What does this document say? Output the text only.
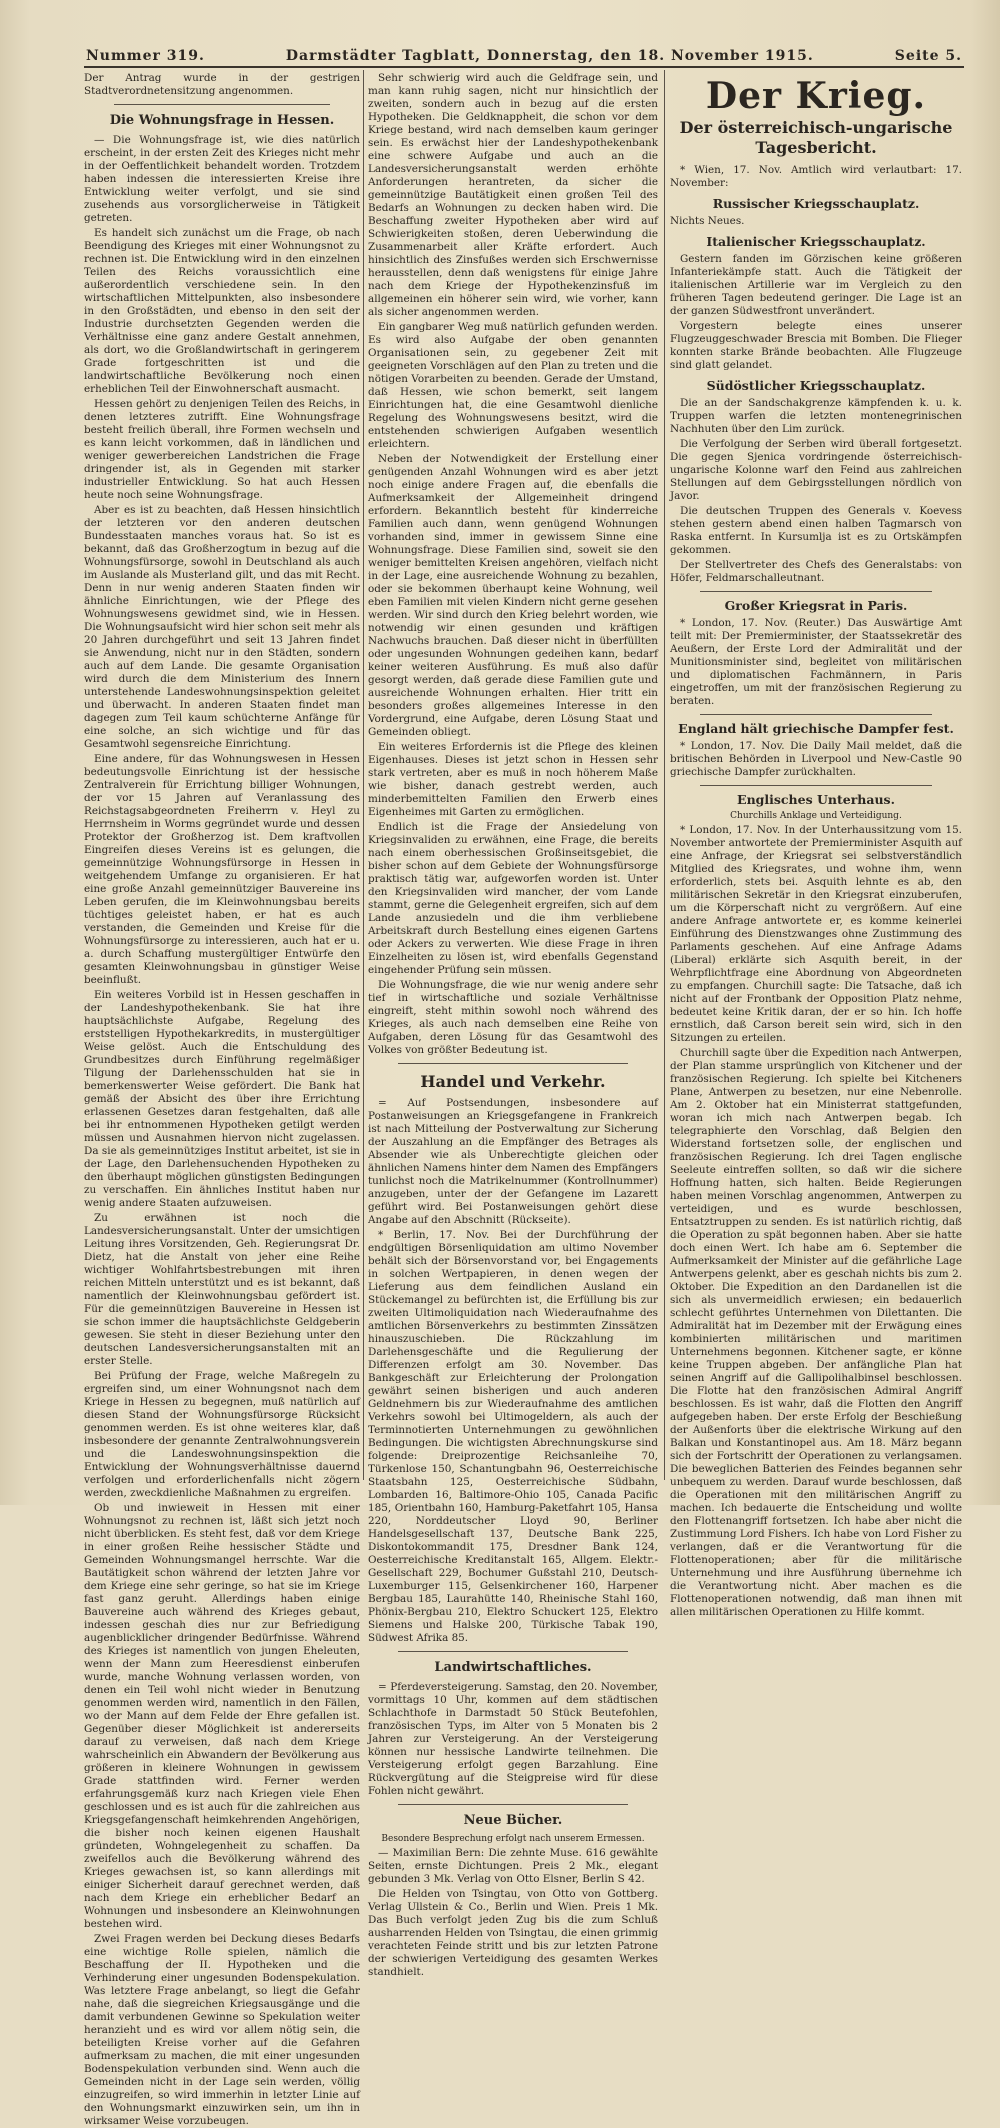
Nummer 319.	Darmstädter Tagblatt, Donnerstag, den 18. November 1915.	Seite 5.

Der Antrag wurde in der gestrigen Stadtverordnetensitzung angenommen.

Die Wohnungsfrage in Hessen.

— Die Wohnungsfrage ist, wie dies natürlich erscheint, in der ersten Zeit des Krieges nicht mehr in der Oeffentlichkeit behandelt worden. Trotzdem haben indessen die interessierten Kreise ihre Entwicklung weiter verfolgt, und sie sind zusehends aus vorsorglicherweise in Tätigkeit getreten.

Es handelt sich zunächst um die Frage, ob nach Beendigung des Krieges mit einer Wohnungsnot zu rechnen ist. Die Entwicklung wird in den einzelnen Teilen des Reichs voraussichtlich eine außerordentlich verschiedene sein. In den wirtschaftlichen Mittelpunkten, also insbesondere in den Großstädten, und ebenso in den seit der Industrie durchsetzten Gegenden werden die Verhältnisse eine ganz andere Gestalt annehmen, als dort, wo die Großlandwirtschaft in geringerem Grade fortgeschritten ist und die landwirtschaftliche Bevölkerung noch einen erheblichen Teil der Einwohnerschaft ausmacht.

Hessen gehört zu denjenigen Teilen des Reichs, in denen letzteres zutrifft. Eine Wohnungsfrage besteht freilich überall, ihre Formen wechseln und es kann leicht vorkommen, daß in ländlichen und weniger gewerbereichen Landstrichen die Frage dringender ist, als in Gegenden mit starker industrieller Entwicklung. So hat auch Hessen heute noch seine Wohnungsfrage.

Aber es ist zu beachten, daß Hessen hinsichtlich der letzteren vor den anderen deutschen Bundesstaaten manches voraus hat. So ist es bekannt, daß das Großherzogtum in bezug auf die Wohnungsfürsorge, sowohl in Deutschland als auch im Auslande als Musterland gilt, und das mit Recht. Denn in nur wenig anderen Staaten finden wir ähnliche Einrichtungen, wie der Pflege des Wohnungswesens gewidmet sind, wie in Hessen. Die Wohnungsaufsicht wird hier schon seit mehr als 20 Jahren durchgeführt und seit 13 Jahren findet sie Anwendung, nicht nur in den Städten, sondern auch auf dem Lande. Die gesamte Organisation wird durch die dem Ministerium des Innern unterstehende Landeswohnungsinspektion geleitet und überwacht. In anderen Staaten findet man dagegen zum Teil kaum schüchterne Anfänge für eine solche, an sich wichtige und für das Gesamtwohl segensreiche Einrichtung.

Eine andere, für das Wohnungswesen in Hessen bedeutungsvolle Einrichtung ist der hessische Zentralverein für Errichtung billiger Wohnungen, der vor 15 Jahren auf Veranlassung des Reichstagsabgeordneten Freiherrn v. Heyl zu Herrnsheim in Worms gegründet wurde und dessen Protektor der Großherzog ist. Dem kraftvollen Eingreifen dieses Vereins ist es gelungen, die gemeinnützige Wohnungsfürsorge in Hessen in weitgehendem Umfange zu organisieren. Er hat eine große Anzahl gemeinnütziger Bauvereine ins Leben gerufen, die im Kleinwohnungsbau bereits tüchtiges geleistet haben, er hat es auch verstanden, die Gemeinden und Kreise für die Wohnungsfürsorge zu interessieren, auch hat er u. a. durch Schaffung mustergültiger Entwürfe den gesamten Kleinwohnungsbau in günstiger Weise beeinflußt.

Ein weiteres Vorbild ist in Hessen geschaffen in der Landeshypothekenbank. Sie hat ihre hauptsächlichste Aufgabe, Regelung des erststelligen Hypothekarkredits, in mustergültiger Weise gelöst. Auch die Entschuldung des Grundbesitzes durch Einführung regelmäßiger Tilgung der Darlehensschulden hat sie in bemerkenswerter Weise gefördert. Die Bank hat gemäß der Absicht des über ihre Errichtung erlassenen Gesetzes daran festgehalten, daß alle bei ihr entnommenen Hypotheken getilgt werden müssen und Ausnahmen hiervon nicht zugelassen. Da sie als gemeinnütziges Institut arbeitet, ist sie in der Lage, den Darlehensuchenden Hypotheken zu den überhaupt möglichen günstigsten Bedingungen zu verschaffen. Ein ähnliches Institut haben nur wenig andere Staaten aufzuweisen.

Zu erwähnen ist noch die Landesversicherungsanstalt. Unter der umsichtigen Leitung ihres Vorsitzenden, Geh. Regierungsrat Dr. Dietz, hat die Anstalt von jeher eine Reihe wichtiger Wohlfahrtsbestrebungen mit ihren reichen Mitteln unterstützt und es ist bekannt, daß namentlich der Kleinwohnungsbau gefördert ist. Für die gemeinnützigen Bauvereine in Hessen ist sie schon immer die hauptsächlichste Geldgeberin gewesen. Sie steht in dieser Beziehung unter den deutschen Landesversicherungsanstalten mit an erster Stelle.

Bei Prüfung der Frage, welche Maßregeln zu ergreifen sind, um einer Wohnungsnot nach dem Kriege in Hessen zu begegnen, muß natürlich auf diesen Stand der Wohnungsfürsorge Rücksicht genommen werden. Es ist ohne weiteres klar, daß insbesondere der genannte Zentralwohnungsverein und die Landeswohnungsinspektion die Entwicklung der Wohnungsverhältnisse dauernd verfolgen und erforderlichenfalls nicht zögern werden, zweckdienliche Maßnahmen zu ergreifen.

Ob und inwieweit in Hessen mit einer Wohnungsnot zu rechnen ist, läßt sich jetzt noch nicht überblicken. Es steht fest, daß vor dem Kriege in einer großen Reihe hessischer Städte und Gemeinden Wohnungsmangel herrschte. War die Bautätigkeit schon während der letzten Jahre vor dem Kriege eine sehr geringe, so hat sie im Kriege fast ganz geruht. Allerdings haben einige Bauvereine auch während des Krieges gebaut, indessen geschah dies nur zur Befriedigung augenblicklicher dringender Bedürfnisse. Während des Krieges ist namentlich von jungen Eheleuten, wenn der Mann zum Heeresdienst einberufen wurde, manche Wohnung verlassen worden, von denen ein Teil wohl nicht wieder in Benutzung genommen werden wird, namentlich in den Fällen, wo der Mann auf dem Felde der Ehre gefallen ist. Gegenüber dieser Möglichkeit ist andererseits darauf zu verweisen, daß nach dem Kriege wahrscheinlich ein Abwandern der Bevölkerung aus größeren in kleinere Wohnungen in gewissem Grade stattfinden wird. Ferner werden erfahrungsgemäß kurz nach Kriegen viele Ehen geschlossen und es ist auch für die zahlreichen aus Kriegsgefangenschaft heimkehrenden Angehörigen, die bisher noch keinen eigenen Haushalt gründeten, Wohngelegenheit zu schaffen. Da zweifellos auch die Bevölkerung während des Krieges gewachsen ist, so kann allerdings mit einiger Sicherheit darauf gerechnet werden, daß nach dem Kriege ein erheblicher Bedarf an Wohnungen und insbesondere an Kleinwohnungen bestehen wird.

Zwei Fragen werden bei Deckung dieses Bedarfs eine wichtige Rolle spielen, nämlich die Beschaffung der II. Hypotheken und die Verhinderung einer ungesunden Bodenspekulation. Was letztere Frage anbelangt, so liegt die Gefahr nahe, daß die siegreichen Kriegsausgänge und die damit verbundenen Gewinne so Spekulation weiter heranzieht und es wird vor allem nötig sein, die beteiligten Kreise vorher auf die Gefahren aufmerksam zu machen, die mit einer ungesunden Bodenspekulation verbunden sind. Wenn auch die Gemeinden nicht in der Lage sein werden, völlig einzugreifen, so wird immerhin in letzter Linie auf den Wohnungsmarkt einzuwirken sein, um ihn in wirksamer Weise vorzubeugen.

Sehr schwierig wird auch die Geldfrage sein, und man kann ruhig sagen, nicht nur hinsichtlich der zweiten, sondern auch in bezug auf die ersten Hypotheken. Die Geldknappheit, die schon vor dem Kriege bestand, wird nach demselben kaum geringer sein. Es erwächst hier der Landeshypothekenbank eine schwere Aufgabe und auch an die Landesversicherungsanstalt werden erhöhte Anforderungen herantreten, da sicher die gemeinnützige Bautätigkeit einen großen Teil des Bedarfs an Wohnungen zu decken haben wird. Die Beschaffung zweiter Hypotheken aber wird auf Schwierigkeiten stoßen, deren Ueberwindung die Zusammenarbeit aller Kräfte erfordert. Auch hinsichtlich des Zinsfußes werden sich Erschwernisse herausstellen, denn daß wenigstens für einige Jahre nach dem Kriege der Hypothekenzinsfuß im allgemeinen ein höherer sein wird, wie vorher, kann als sicher angenommen werden.

Ein gangbarer Weg muß natürlich gefunden werden. Es wird also Aufgabe der oben genannten Organisationen sein, zu gegebener Zeit mit geeigneten Vorschlägen auf den Plan zu treten und die nötigen Vorarbeiten zu beenden. Gerade der Umstand, daß Hessen, wie schon bemerkt, seit langem Einrichtungen hat, die eine Gesamtwohl dienliche Regelung des Wohnungswesens besitzt, wird die entstehenden schwierigen Aufgaben wesentlich erleichtern.

Neben der Notwendigkeit der Erstellung einer genügenden Anzahl Wohnungen wird es aber jetzt noch einige andere Fragen auf, die ebenfalls die Aufmerksamkeit der Allgemeinheit dringend erfordern. Bekanntlich besteht für kinderreiche Familien auch dann, wenn genügend Wohnungen vorhanden sind, immer in gewissem Sinne eine Wohnungsfrage. Diese Familien sind, soweit sie den weniger bemittelten Kreisen angehören, vielfach nicht in der Lage, eine ausreichende Wohnung zu bezahlen, oder sie bekommen überhaupt keine Wohnung, weil eben Familien mit vielen Kindern nicht gerne gesehen werden. Wir sind durch den Krieg belehrt worden, wie notwendig wir einen gesunden und kräftigen Nachwuchs brauchen. Daß dieser nicht in überfüllten oder ungesunden Wohnungen gedeihen kann, bedarf keiner weiteren Ausführung. Es muß also dafür gesorgt werden, daß gerade diese Familien gute und ausreichende Wohnungen erhalten. Hier tritt ein besonders großes allgemeines Interesse in den Vordergrund, eine Aufgabe, deren Lösung Staat und Gemeinden obliegt.

Ein weiteres Erfordernis ist die Pflege des kleinen Eigenhauses. Dieses ist jetzt schon in Hessen sehr stark vertreten, aber es muß in noch höherem Maße wie bisher, danach gestrebt werden, auch minderbemittelten Familien den Erwerb eines Eigenheimes mit Garten zu ermöglichen.

Endlich ist die Frage der Ansiedelung von Kriegsinvaliden zu erwähnen, eine Frage, die bereits nach einem oberhessischen Großinseitsgebiet, die bisher schon auf dem Gebiete der Wohnungsfürsorge praktisch tätig war, aufgeworfen worden ist. Unter den Kriegsinvaliden wird mancher, der vom Lande stammt, gerne die Gelegenheit ergreifen, sich auf dem Lande anzusiedeln und die ihm verbliebene Arbeitskraft durch Bestellung eines eigenen Gartens oder Ackers zu verwerten. Wie diese Frage in ihren Einzelheiten zu lösen ist, wird ebenfalls Gegenstand eingehender Prüfung sein müssen.

Die Wohnungsfrage, die wie nur wenig andere sehr tief in wirtschaftliche und soziale Verhältnisse eingreift, steht mithin sowohl noch während des Krieges, als auch nach demselben eine Reihe von Aufgaben, deren Lösung für das Gesamtwohl des Volkes von größter Bedeutung ist.

Handel und Verkehr.

= Auf Postsendungen, insbesondere auf Postanweisungen an Kriegsgefangene in Frankreich ist nach Mitteilung der Postverwaltung zur Sicherung der Auszahlung an die Empfänger des Betrages als Absender wie als Unberechtigte gleichen oder ähnlichen Namens hinter dem Namen des Empfängers tunlichst noch die Matrikelnummer (Kontrollnummer) anzugeben, unter der der Gefangene im Lazarett geführt wird. Bei Postanweisungen gehört diese Angabe auf den Abschnitt (Rückseite).

* Berlin, 17. Nov. Bei der Durchführung der endgültigen Börsenliquidation am ultimo November behält sich der Börsenvorstand vor, bei Engagements in solchen Wertpapieren, in denen wegen der Lieferung aus dem feindlichen Ausland ein Stückemangel zu befürchten ist, die Erfüllung bis zur zweiten Ultimoliquidation nach Wiederaufnahme des amtlichen Börsenverkehrs zu bestimmten Zinssätzen hinauszuschieben. Die Rückzahlung im Darlehensgeschäfte und die Regulierung der Differenzen erfolgt am 30. November. Das Bankgeschäft zur Erleichterung der Prolongation gewährt seinen bisherigen und auch anderen Geldnehmern bis zur Wiederaufnahme des amtlichen Verkehrs sowohl bei Ultimogeldern, als auch der Terminnotierten Unternehmungen zu gewöhnlichen Bedingungen. Die wichtigsten Abrechnungskurse sind folgende: Dreiprozentige Reichsanleihe 70, Türkenlose 150, Schantungbahn 96, Oesterreichische Staatsbahn 125, Oesterreichische Südbahn, Lombarden 16, Baltimore-Ohio 105, Canada Pacific 185, Orientbahn 160, Hamburg-Paketfahrt 105, Hansa 220, Norddeutscher Lloyd 90, Berliner Handelsgesellschaft 137, Deutsche Bank 225, Diskontokommandit 175, Dresdner Bank 124, Oesterreichische Kreditanstalt 165, Allgem. Elektr.-Gesellschaft 229, Bochumer Gußstahl 210, Deutsch-Luxemburger 115, Gelsenkirchener 160, Harpener Bergbau 185, Laurahütte 140, Rheinische Stahl 160, Phönix-Bergbau 210, Elektro Schuckert 125, Elektro Siemens und Halske 200, Türkische Tabak 190, Südwest Afrika 85.

Landwirtschaftliches.

= Pferdeversteigerung. Samstag, den 20. November, vormittags 10 Uhr, kommen auf dem städtischen Schlachthofe in Darmstadt 50 Stück Beutefohlen, französischen Typs, im Alter von 5 Monaten bis 2 Jahren zur Versteigerung. An der Versteigerung können nur hessische Landwirte teilnehmen. Die Versteigerung erfolgt gegen Barzahlung. Eine Rückvergütung auf die Steigpreise wird für diese Fohlen nicht gewährt.

Neue Bücher.

Besondere Besprechung erfolgt nach unserem Ermessen.

— Maximilian Bern: Die zehnte Muse. 616 gewählte Seiten, ernste Dichtungen. Preis 2 Mk., elegant gebunden 3 Mk. Verlag von Otto Elsner, Berlin S 42.

Die Helden von Tsingtau, von Otto von Gottberg. Verlag Ullstein & Co., Berlin und Wien. Preis 1 Mk. Das Buch verfolgt jeden Zug bis die zum Schluß ausharrenden Helden von Tsingtau, die einen grimmig verachteten Feinde stritt und bis zur letzten Patrone der schwierigen Verteidigung des gesamten Werkes standhielt.

Der Krieg.
Der österreichisch-ungarische Tagesbericht.

* Wien, 17. Nov. Amtlich wird verlautbart: 17. November:

Russischer Kriegsschauplatz.

Nichts Neues.

Italienischer Kriegsschauplatz.

Gestern fanden im Görzischen keine größeren Infanteriekämpfe statt. Auch die Tätigkeit der italienischen Artillerie war im Vergleich zu den früheren Tagen bedeutend geringer. Die Lage ist an der ganzen Südwestfront unverändert.

Vorgestern belegte eines unserer Flugzeuggeschwader Brescia mit Bomben. Die Flieger konnten starke Brände beobachten. Alle Flugzeuge sind glatt gelandet.

Südöstlicher Kriegsschauplatz.

Die an der Sandschakgrenze kämpfenden k. u. k. Truppen warfen die letzten montenegrinischen Nachhuten über den Lim zurück.

Die Verfolgung der Serben wird überall fortgesetzt. Die gegen Sjenica vordringende österreichisch-ungarische Kolonne warf den Feind aus zahlreichen Stellungen auf dem Gebirgsstellungen nördlich von Javor.

Die deutschen Truppen des Generals v. Koevess stehen gestern abend einen halben Tagmarsch von Raska entfernt. In Kursumlja ist es zu Ortskämpfen gekommen.

Der Stellvertreter des Chefs des Generalstabs: von Höfer, Feldmarschalleutnant.

Großer Kriegsrat in Paris.

* London, 17. Nov. (Reuter.) Das Auswärtige Amt teilt mit: Der Premierminister, der Staatssekretär des Aeußern, der Erste Lord der Admiralität und der Munitionsminister sind, begleitet von militärischen und diplomatischen Fachmännern, in Paris eingetroffen, um mit der französischen Regierung zu beraten.

England hält griechische Dampfer fest.

* London, 17. Nov. Die Daily Mail meldet, daß die britischen Behörden in Liverpool und New-Castle 90 griechische Dampfer zurückhalten.

Englisches Unterhaus.

Churchills Anklage und Verteidigung.

* London, 17. Nov. In der Unterhaussitzung vom 15. November antwortete der Premierminister Asquith auf eine Anfrage, der Kriegsrat sei selbstverständlich Mitglied des Kriegsrates, und wohne ihm, wenn erforderlich, stets bei. Asquith lehnte es ab, den militärischen Sekretär in den Kriegsrat einzuberufen, um die Körperschaft nicht zu vergrößern. Auf eine andere Anfrage antwortete er, es komme keinerlei Einführung des Dienstzwanges ohne Zustimmung des Parlaments geschehen. Auf eine Anfrage Adams (Liberal) erklärte sich Asquith bereit, in der Wehrpflichtfrage eine Abordnung von Abgeordneten zu empfangen. Churchill sagte: Die Tatsache, daß ich nicht auf der Frontbank der Opposition Platz nehme, bedeutet keine Kritik daran, der er so hin. Ich hoffe ernstlich, daß Carson bereit sein wird, sich in den Sitzungen zu erteilen.

Churchill sagte über die Expedition nach Antwerpen, der Plan stamme ursprünglich von Kitchener und der französischen Regierung. Ich spielte bei Kitcheners Plane, Antwerpen zu besetzen, nur eine Nebenrolle. Am 2. Oktober hat ein Ministerrat stattgefunden, woran ich mich nach Antwerpen begab. Ich telegraphierte den Vorschlag, daß Belgien den Widerstand fortsetzen solle, der englischen und französischen Regierung. Ich drei Tagen englische Seeleute eintreffen sollten, so daß wir die sichere Hoffnung hatten, sich halten. Beide Regierungen haben meinen Vorschlag angenommen, Antwerpen zu verteidigen, und es wurde beschlossen, Entsatztruppen zu senden. Es ist natürlich richtig, daß die Operation zu spät begonnen haben. Aber sie hatte doch einen Wert. Ich habe am 6. September die Aufmerksamkeit der Minister auf die gefährliche Lage Antwerpens gelenkt, aber es geschah nichts bis zum 2. Oktober. Die Expedition an den Dardanellen ist die sich als unvermeidlich erwiesen; ein bedauerlich schlecht geführtes Unternehmen von Dilettanten. Die Admiralität hat im Dezember mit der Erwägung eines kombinierten militärischen und maritimen Unternehmens begonnen. Kitchener sagte, er könne keine Truppen abgeben. Der anfängliche Plan hat seinen Angriff auf die Gallipolihalbinsel beschlossen. Die Flotte hat den französischen Admiral Angriff beschlossen. Es ist wahr, daß die Flotten den Angriff aufgegeben haben. Der erste Erfolg der Beschießung der Außenforts über die elektrische Wirkung auf den Balkan und Konstantinopel aus. Am 18. März begann sich der Fortschritt der Operationen zu verlangsamen. Die beweglichen Batterien des Feindes begannen sehr unbequem zu werden. Darauf wurde beschlossen, daß die Operationen mit den militärischen Angriff zu machen. Ich bedauerte die Entscheidung und wollte den Flottenangriff fortsetzen. Ich habe aber nicht die Zustimmung Lord Fishers. Ich habe von Lord Fisher zu verlangen, daß er die Verantwortung für die Flottenoperationen; aber für die militärische Unternehmung und ihre Ausführung übernehme ich die Verantwortung nicht. Aber machen es die Flottenoperationen notwendig, daß man ihnen mit allen militärischen Operationen zu Hilfe kommt.
